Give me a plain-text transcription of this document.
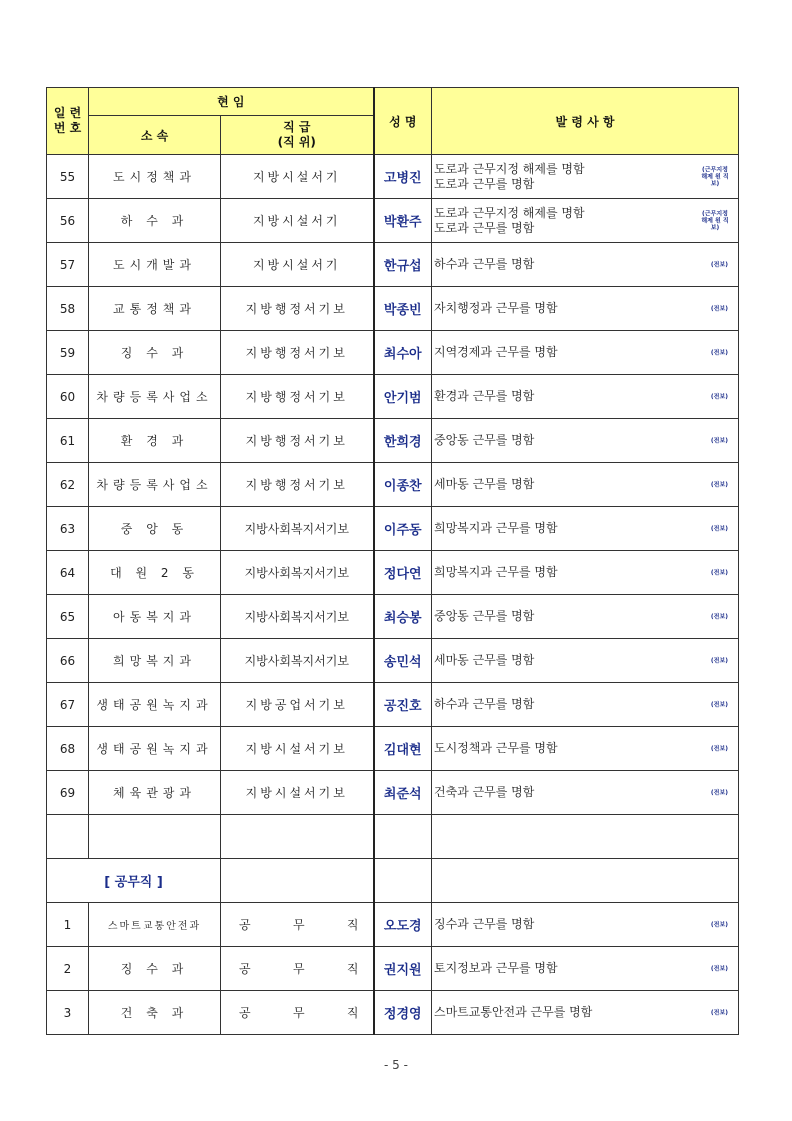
일 련
번 호	현 임		성 명	발 령 사 항
	소 속	직 급
(직 위)		

55	도시정책과	지방시설서기	고병진	도로과 근무지정 해제를 명함
도로과 근무를 명함
(근무지정
해제 원 직
보)

56	하 수 과	지방시설서기	박환주	도로과 근무지정 해제를 명함
도로과 근무를 명함
(근무지정
해제 원 직
보)

57	도시개발과	지방시설서기	한규섭	하수과 근무를 명함 (전보)

58	교통정책과	지방행정서기보	박종빈	자치행정과 근무를 명함 (전보)

59	징 수 과	지방행정서기보	최수아	지역경제과 근무를 명함 (전보)

60	차량등록사업소	지방행정서기보	안기범	환경과 근무를 명함 (전보)

61	환 경 과	지방행정서기보	한희경	중앙동 근무를 명함 (전보)

62	차량등록사업소	지방행정서기보	이종찬	세마동 근무를 명함 (전보)

63	중 앙 동	지방사회복지서기보	이주동	희망복지과 근무를 명함 (전보)

64	대 원 2 동	지방사회복지서기보	정다연	희망복지과 근무를 명함 (전보)

65	아동복지과	지방사회복지서기보	최승봉	중앙동 근무를 명함 (전보)

66	희망복지과	지방사회복지서기보	송민석	세마동 근무를 명함 (전보)

67	생태공원녹지과	지방공업서기보	공진호	하수과 근무를 명함 (전보)

68	생태공원녹지과	지방시설서기보	김대현	도시정책과 근무를 명함 (전보)

69	체육관광과	지방시설서기보	최준석	건축과 근무를 명함 (전보)

[ 공무직 ]				
1	스마트교통안전과	공 무 직	오도경	징수과 근무를 명함 (전보)

2	징 수 과	공 무 직	권지원	토지정보과 근무를 명함 (전보)

3	건 축 과	공 무 직	정경영	스마트교통안전과 근무를 명함 (전보)
- 5 -
